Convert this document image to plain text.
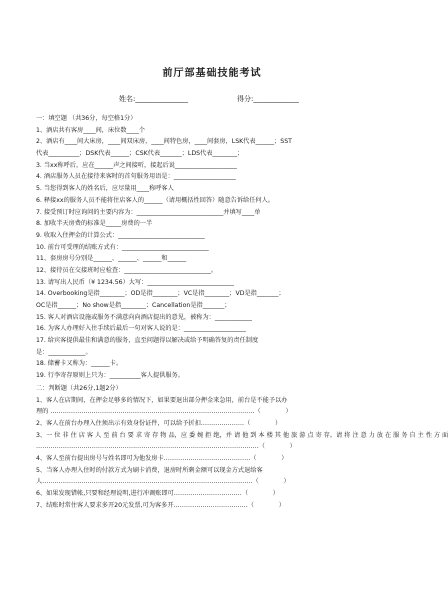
前厅部基础技能考试
姓名:_______________	得分:_____________
一：填空题 （共36分，每空格1分）
1、酒店共有客房____间，床位数____个
2、酒店有____间大床房，____间双床房，____间特色房，____间套房，LSK代表______；SST
代表__________；DSK代表______；CSK代表_______；LDS代表________；
3. 当xx称呼后，应在______声之间接听，接起后说____________________
4. 酒店服务人员在接待来客时的首句服务用语是：____________________
5. 当您得到客人的姓名后，应尽量用____称呼客人
6. 释接xx的服务人员不能将住店客人的______（请用概括性回答）随意告诉给任何人。
7. 接受预订时应询问的主要内容为：____________________________并填写____单
8. 加收半天房费的标准是_____房费的一半
9. 收取入住押金的计算公式：____________________________
10. 前台可受理的结账方式有：____________________________
11、套房房号分别是______、______、______和______
12、接待员在交接班时应检查：____________________________。
13. 请写出人民币（¥ 1234.56）大写：____________________________
14. Overbooking是指________；OD是指________；VC是指________；VD是指_______；
OC是指______；No show是指________；Cancellation是指_______；
15. 客人对酒店设施或服务不满意向向酒店提出的意见，被称为：____________
16. 为客人办理好入住手续后最后一句对客人说的是：____________________
17. 给宾客提供最佳和满意的服务，直至问题得以解决或给予明确答复的责任制度
是：____________。
18. 储蓄卡又称为：______卡。
19. 行李寄存原则上只为：__________客人提供服务。
二：判断题（共26分,1题2分）
1、客人在店期间，在押金足够多的情况下，如果要退出部分押金来急用，前台是不能予以办
理的 ………………………………………………………………………………………（　　　　）
2、客人在前台办理入住须出示有效身份证件，可以给予折扣…………………（　　　　）
3、一 位 非 住 店 客 人 至 前 台 要 求 寄 存 物 品，应 委 婉 拒 绝，并 请 他 到 本 楼 其 他 旅 游 点 寄 存。请 将 注 意 力 放 在 服 务 自 主 性 方 面
………………………………………………………………………………………………（　　　　）
4、客人至前台提出房号与姓名即可为他发房卡……………………………………（　　　　）
5、当客人办理入住时的付款方式为刷卡消费，退房时所剩金额可以现金方式退给客
人…………………………………………………………………………………………（　　　　）
6、如果发现错帐,只要和经理说明,进行冲调账即可……………………………（　　　　）
7、结账时常住客人要求多开20元发票,可为客多开………………………………（　　　　）
